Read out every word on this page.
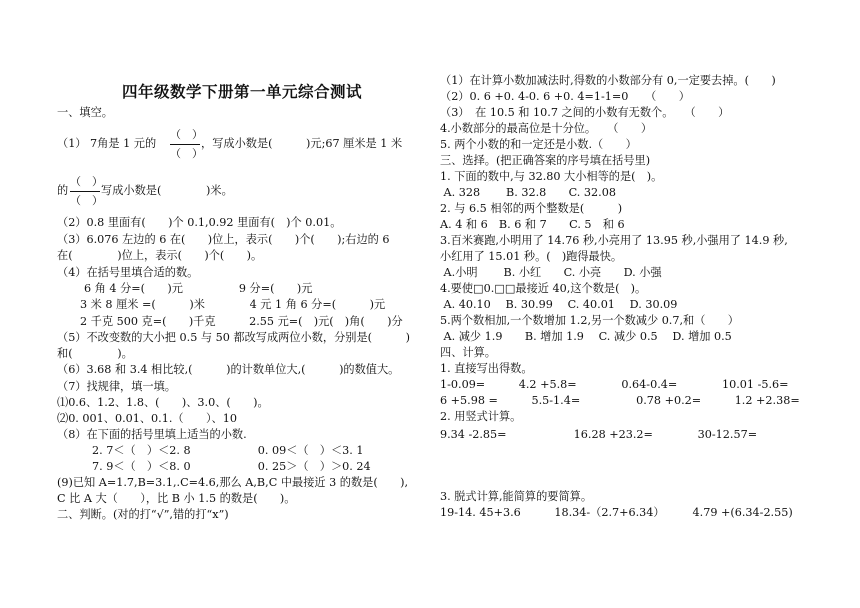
四年级数学下册第一单元综合测试
一、填空。
（1） 7角是 1 元的
（　）
（　）
，写成小数是(　　　)元;67 厘米是 1 米
的
（　）
（　）
写成小数是(　　　　)米。
（2）0.8 里面有(　　)个 0.1,0.92 里面有(　)个 0.01。
（3）6.076 左边的 6 在(　　)位上，表示(　　)个(　　);右边的 6
在(　　　　)位上，表示(　　)个(　　)。
（4）在括号里填合适的数。
6 角 4 分=(　　)元　　　　　9 分=(　　)元
3 米 8 厘米 =(　　　)米　　　　4 元 1 角 6 分=(　　　)元
2 千克 500 克=(　　)千克　　　2.55 元=(　)元(　)角(　　)分
（5）不改变数的大小把 0.5 与 50 都改写成两位小数，分别是(　　　)
和(　　　　)。
（6）3.68 和 3.4 相比较,(　　　)的计数单位大,(　　　)的数值大。
（7）找规律，填一填。
⑴0.6、1.2、1.8、(　　)、3.0、(　　)。
⑵0. 001、0.01、0.1.（　　）、10
（8）在下面的括号里填上适当的小数.
2. 7＜（　）＜2. 8　　　　　　0. 09＜（　）＜3. 1
7. 9＜（　）＜8. 0　　　　　　0. 25＞（　）＞0. 24
(9)已知 A=1.7,B=3.1,.C=4.6,那么 A,B,C 中最接近 3 的数是(　　),
C 比 A 大（　　），比 B 小 1.5 的数是(　　)。
二、判断。(对的打“√”,错的打“x”)
（1）在计算小数加减法时,得数的小数部分有 0,一定要去掉。(　　)
（2）0. 6 +0. 4-0. 6 +0. 4=1-1=0　　（　　）
（3）　在 10.5 和 10.7 之间的小数有无数个。　　（　　）
4.小数部分的最高位是十分位。　　（　　）
5. 两个小数的和一定还是小数.（　　）
三、选择。(把正确答案的序号填在括号里)
1. 下面的数中,与 32.80 大小相等的是(　)。
A. 328　　 B. 32.8　　C. 32.08
2. 与 6.5 相邻的两个整数是(　　　)
A. 4 和 6　B. 6 和 7　　C. 5　和 6
3.百米赛跑,小明用了 14.76 秒,小亮用了 13.95 秒,小强用了 14.9 秒,
小红用了 15.01 秒。(　)跑得最快。
A.小明　　 B. 小红　　C. 小亮　　D. 小强
4.要使□0.□□最接近 40,这个数是(　)。
A. 40.10　 B. 30.99　 C. 40.01　 D. 30.09
5.两个数相加,一个数增加 1.2,另一个数减少 0.7,和（　　）
A. 减少 1.9　　B. 增加 1.9　 C. 减少 0.5　 D. 增加 0.5
四、计算。
1. 直接写出得数。
1-0.09=　　　4.2 +5.8=　　　　0.64-0.4=　　　　10.01 -5.6=
6 +5.98 =　　　5.5-1.4=　　　　　0.78 +0.2=　　　1.2 +2.38=
2. 用竖式计算。
9.34 -2.85=　　　　　　16.28 +23.2=　　　　30-12.57=
3. 脱式计算,能简算的要简算。
19-14. 45+3.6　　　18.34-（2.7+6.34）　　　4.79 +(6.34-2.55)
